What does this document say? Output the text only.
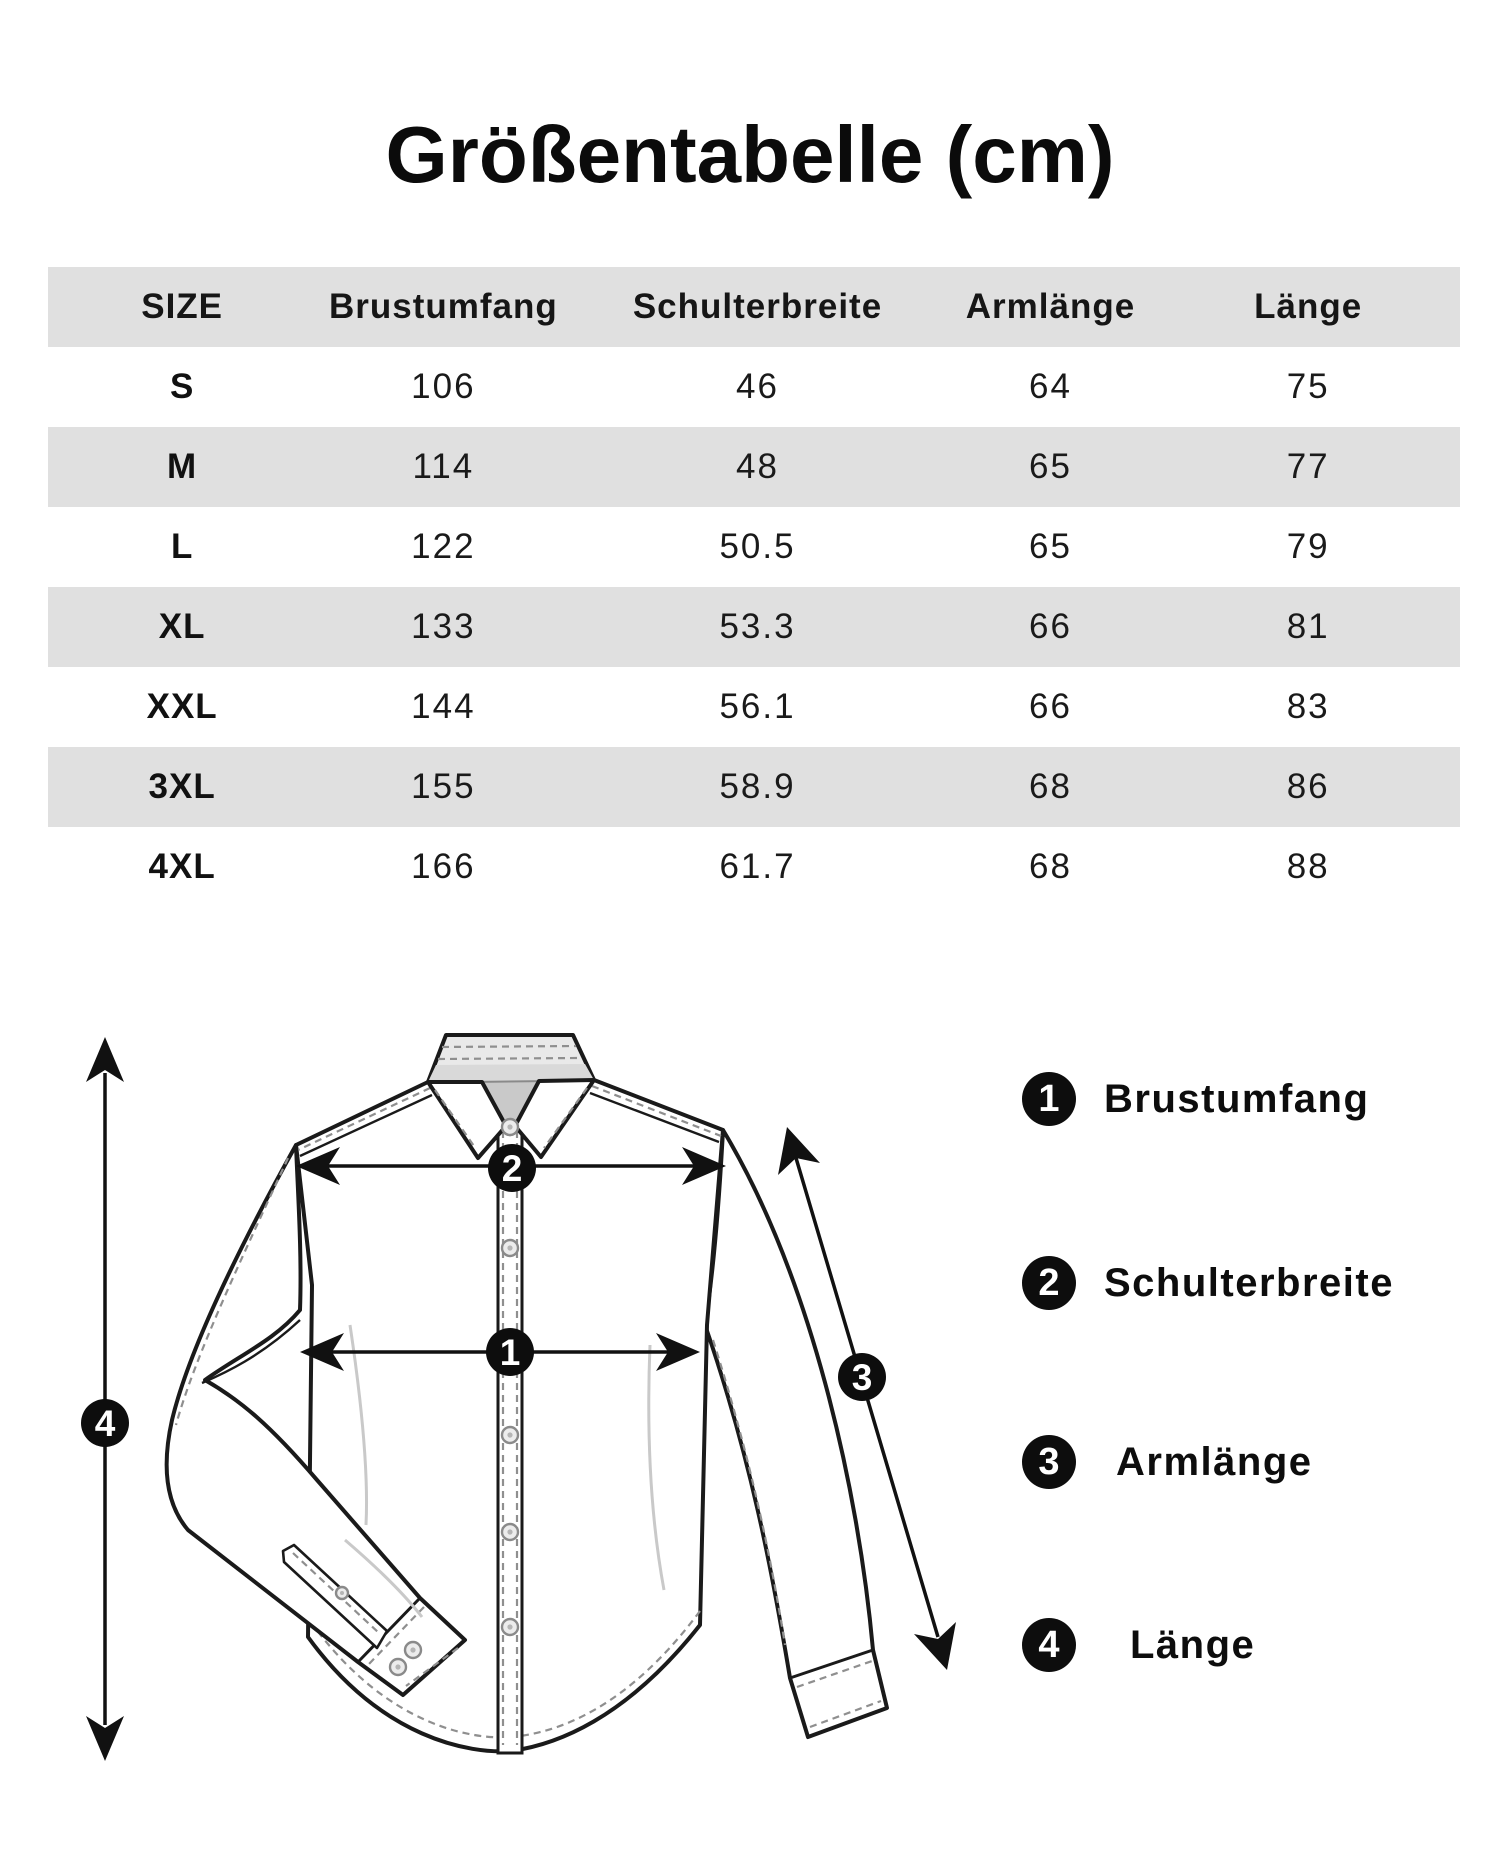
Größentabelle (cm)
SIZE	Brustumfang	Schulterbreite	Armlänge	Länge
S	106	46	64	75
M	114	48	65	77
L	122	50.5	65	79
XL	133	53.3	66	81
XXL	144	56.1	66	83
3XL	155	58.9	68	86
4XL	166	61.7	68	88
1
2
3
4
1	Brustumfang
2	Schulterbreite
3	Armlänge
4	Länge
